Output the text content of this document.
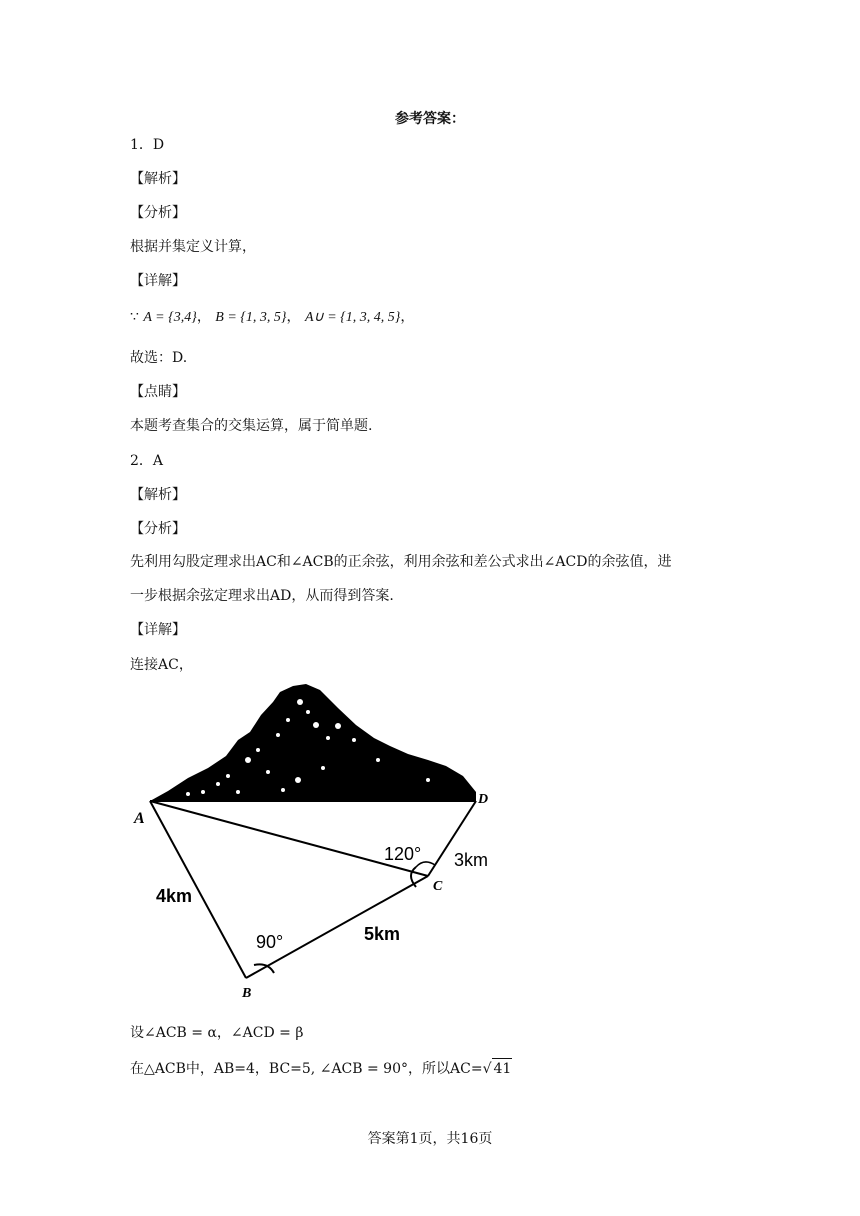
参考答案：
1．D
【解析】
【分析】
根据并集定义计算，
【详解】
∵ A = {3,4}， B = {1, 3, 5}， A∪ = {1, 3, 4, 5}，
故选：D.
【点睛】
本题考查集合的交集运算，属于简单题.
2．A
【解析】
【分析】
先利用勾股定理求出AC和∠ACB的正余弦，利用余弦和差公式求出∠ACD的余弦值，进
一步根据余弦定理求出AD，从而得到答案.
【详解】
连接AC，
A
B
C
D
4km
5km
3km
90°
120°
设∠ACB = α，∠ACD = β
在△ACB中，AB=4，BC=5, ∠ACB = 90°，所以AC=√ 41
答案第1页，共16页
